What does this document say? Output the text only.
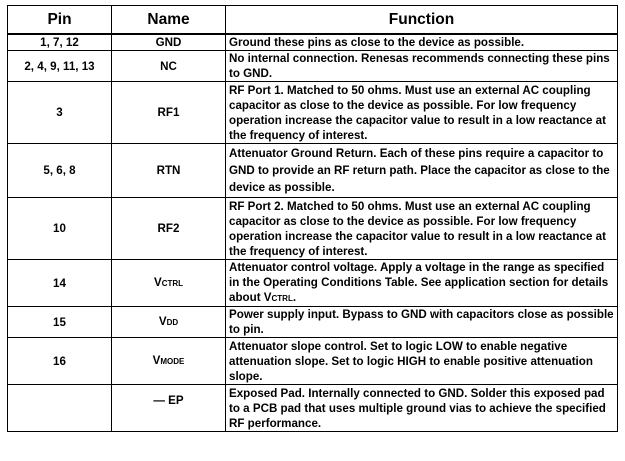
Pin	Name	Function
1, 7, 12	GND	Ground these pins as close to the device as possible.
2, 4, 9, 11, 13	NC	No internal connection. Renesas recommends connecting these pins to GND.
3	RF1	RF Port 1. Matched to 50 ohms. Must use an external AC coupling capacitor as close to the device as possible. For low frequency operation increase the capacitor value to result in a low reactance at the frequency of interest.
5, 6, 8	RTN	Attenuator Ground Return. Each of these pins require a capacitor to GND to provide an RF return path. Place the capacitor as close to the device as possible.
10	RF2	RF Port 2. Matched to 50 ohms. Must use an external AC coupling capacitor as close to the device as possible. For low frequency operation increase the capacitor value to result in a low reactance at the frequency of interest.
14	VCTRL	Attenuator control voltage. Apply a voltage in the range as specified in the Operating Conditions Table. See application section for details about VCTRL.
15	VDD	Power supply input. Bypass to GND with capacitors close as possible to pin.
16	VMODE	Attenuator slope control. Set to logic LOW to enable negative attenuation slope. Set to logic HIGH to enable positive attenuation slope.
	— EP	Exposed Pad. Internally connected to GND. Solder this exposed pad to a PCB pad that uses multiple ground vias to achieve the specified RF performance.
